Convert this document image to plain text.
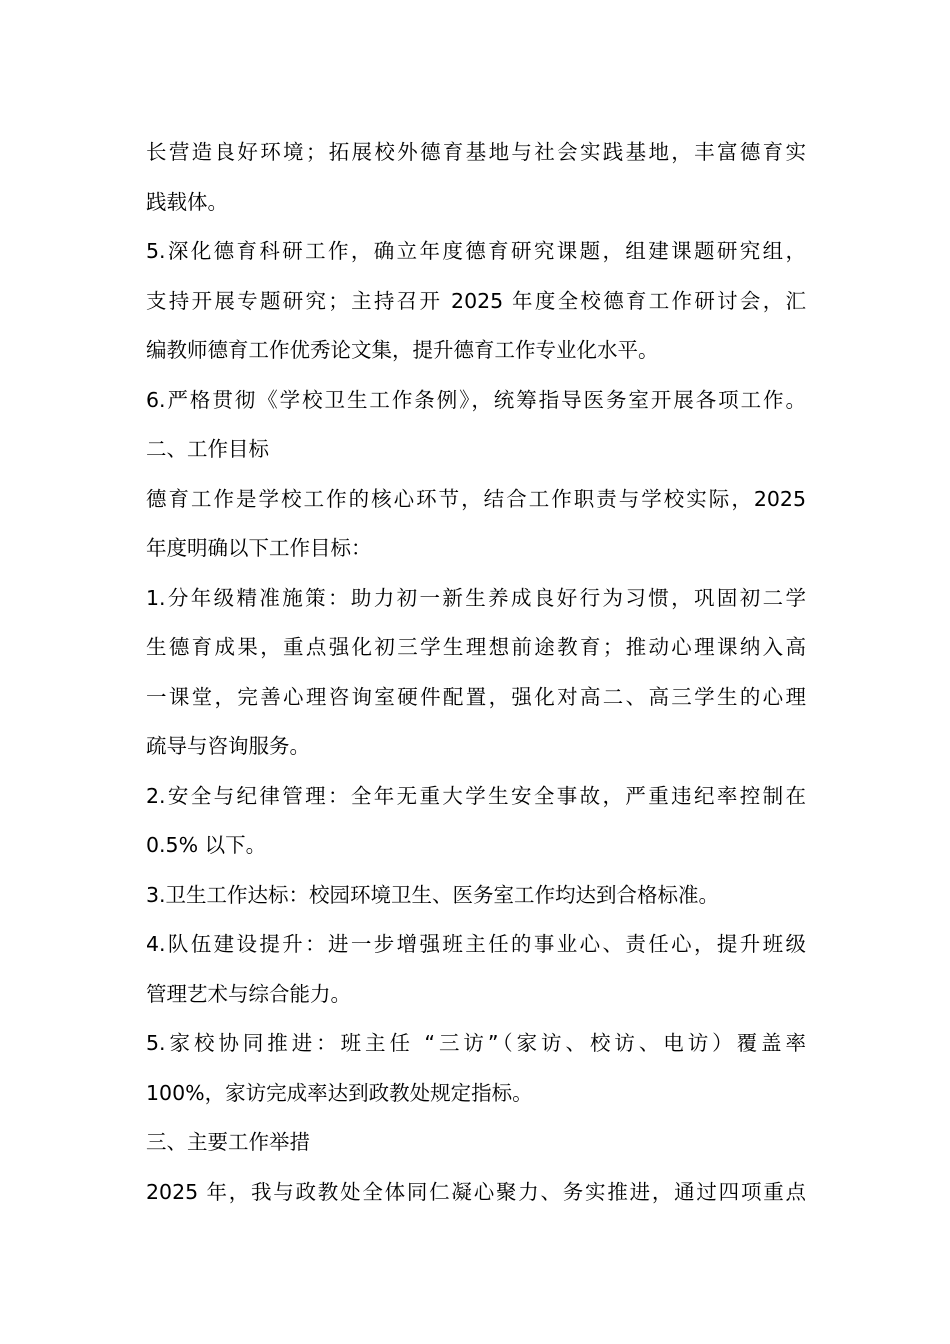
长营造良好环境；拓展校外德育基地与社会实践基地，丰富德育实
践载体。
5.深化德育科研工作，确立年度德育研究课题，组建课题研究组，
支持开展专题研究；主持召开 2025 年度全校德育工作研讨会，汇
编教师德育工作优秀论文集，提升德育工作专业化水平。
6.严格贯彻《学校卫生工作条例》，统筹指导医务室开展各项工作。
二、工作目标
德育工作是学校工作的核心环节，结合工作职责与学校实际，2025
年度明确以下工作目标：
1.分年级精准施策：助力初一新生养成良好行为习惯，巩固初二学
生德育成果，重点强化初三学生理想前途教育；推动心理课纳入高
一课堂，完善心理咨询室硬件配置，强化对高二、高三学生的心理
疏导与咨询服务。
2.安全与纪律管理：全年无重大学生安全事故，严重违纪率控制在
0.5% 以下。
3.卫生工作达标：校园环境卫生、医务室工作均达到合格标准。
4.队伍建设提升：进一步增强班主任的事业心、责任心，提升班级
管理艺术与综合能力。
5.家校协同推进：班主任 “三访”（家访、校访、电访）覆盖率
100%，家访完成率达到政教处规定指标。
三、主要工作举措
2025 年，我与政教处全体同仁凝心聚力、务实推进，通过四项重点
